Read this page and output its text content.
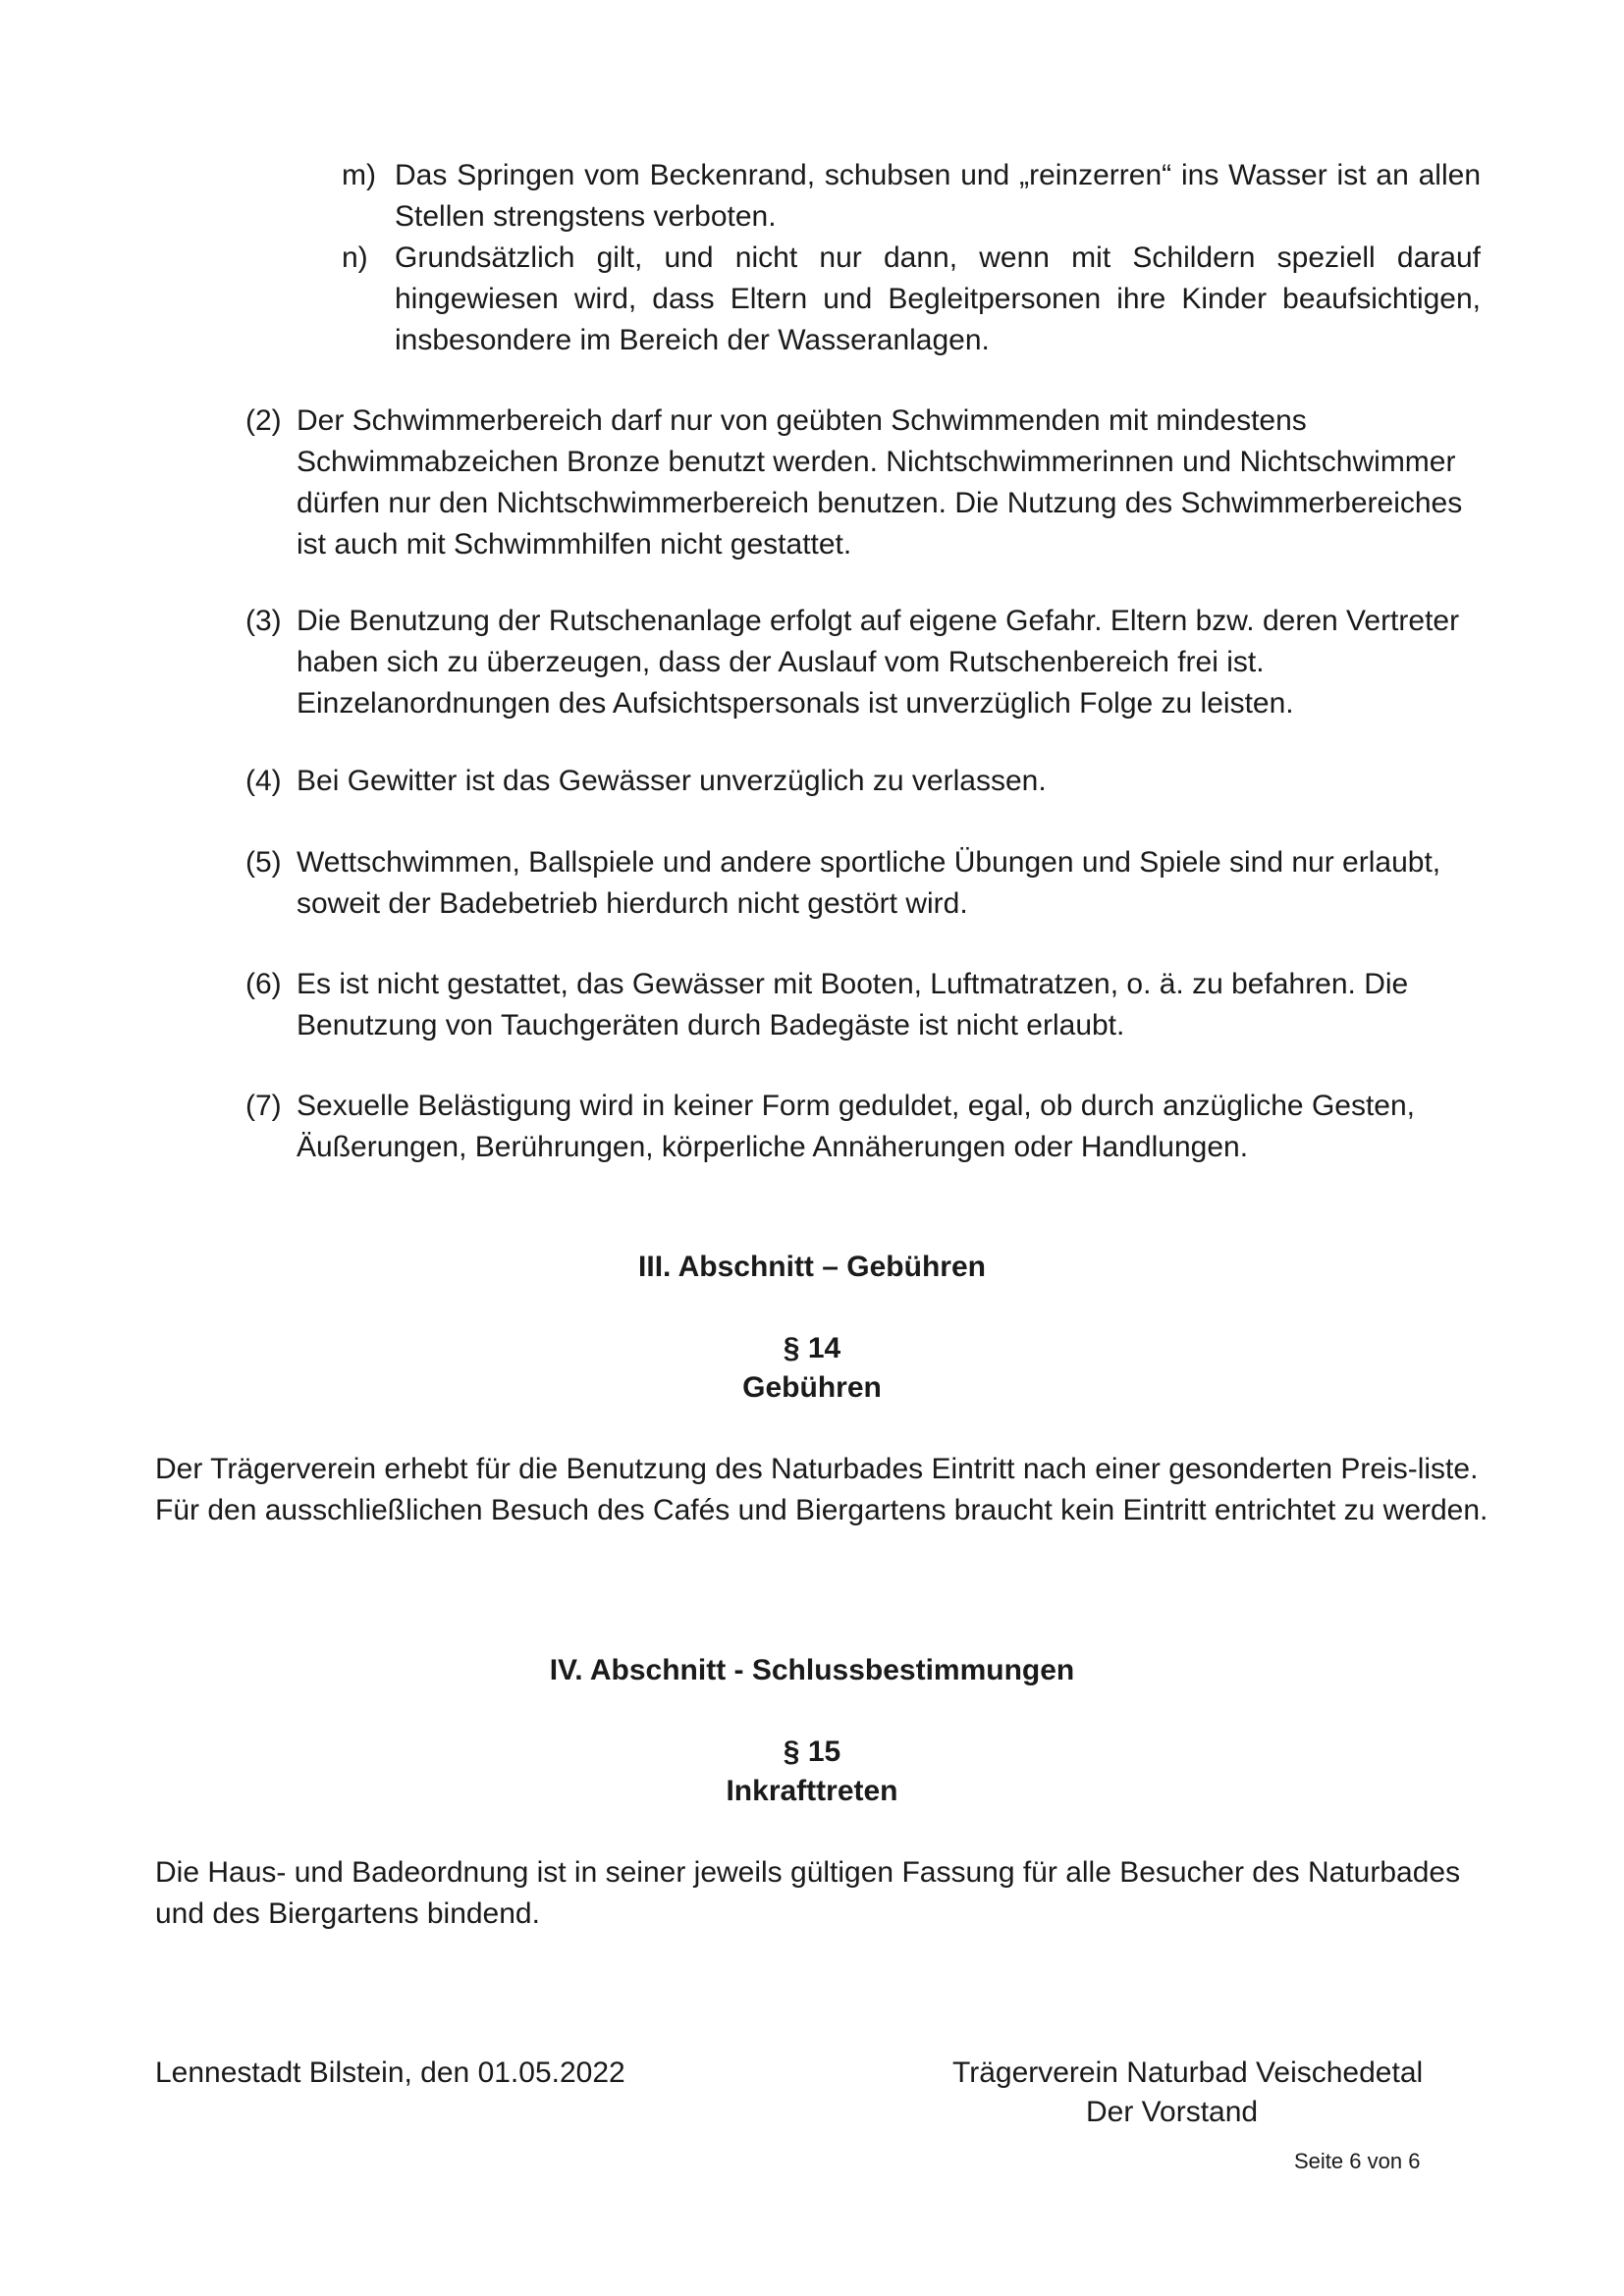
m) Das Springen vom Beckenrand, schubsen und „reinzerren“ ins Wasser ist an allen Stellen strengstens verboten.
n) Grundsätzlich gilt, und nicht nur dann, wenn mit Schildern speziell darauf hingewiesen wird, dass Eltern und Begleitpersonen ihre Kinder beaufsichtigen, insbesondere im Bereich der Wasseranlagen.
(2) Der Schwimmerbereich darf nur von geübten Schwimmenden mit mindestens Schwimmabzeichen Bronze benutzt werden. Nichtschwimmerinnen und Nichtschwimmer dürfen nur den Nichtschwimmerbereich benutzen. Die Nutzung des Schwimmerbereiches ist auch mit Schwimmhilfen nicht gestattet.
(3) Die Benutzung der Rutschenanlage erfolgt auf eigene Gefahr. Eltern bzw. deren Vertreter haben sich zu überzeugen, dass der Auslauf vom Rutschenbereich frei ist. Einzelanordnungen des Aufsichtspersonals ist unverzüglich Folge zu leisten.
(4) Bei Gewitter ist das Gewässer unverzüglich zu verlassen.
(5) Wettschwimmen, Ballspiele und andere sportliche Übungen und Spiele sind nur erlaubt, soweit der Badebetrieb hierdurch nicht gestört wird.
(6) Es ist nicht gestattet, das Gewässer mit Booten, Luftmatratzen, o. ä. zu befahren. Die Benutzung von Tauchgeräten durch Badegäste ist nicht erlaubt.
(7) Sexuelle Belästigung wird in keiner Form geduldet, egal, ob durch anzügliche Gesten, Äußerungen, Berührungen, körperliche Annäherungen oder Handlungen.
III. Abschnitt – Gebühren
§ 14
Gebühren
Der Trägerverein erhebt für die Benutzung des Naturbades Eintritt nach einer gesonderten Preis-liste. Für den ausschließlichen Besuch des Cafés und Biergartens braucht kein Eintritt entrichtet zu werden.
IV. Abschnitt - Schlussbestimmungen
§ 15
Inkrafttreten
Die Haus- und Badeordnung ist in seiner jeweils gültigen Fassung für alle Besucher des Naturbades und des Biergartens bindend.
Lennestadt Bilstein, den 01.05.2022	Trägerverein Naturbad Veischedetal
Der Vorstand
Seite 6 von 6
